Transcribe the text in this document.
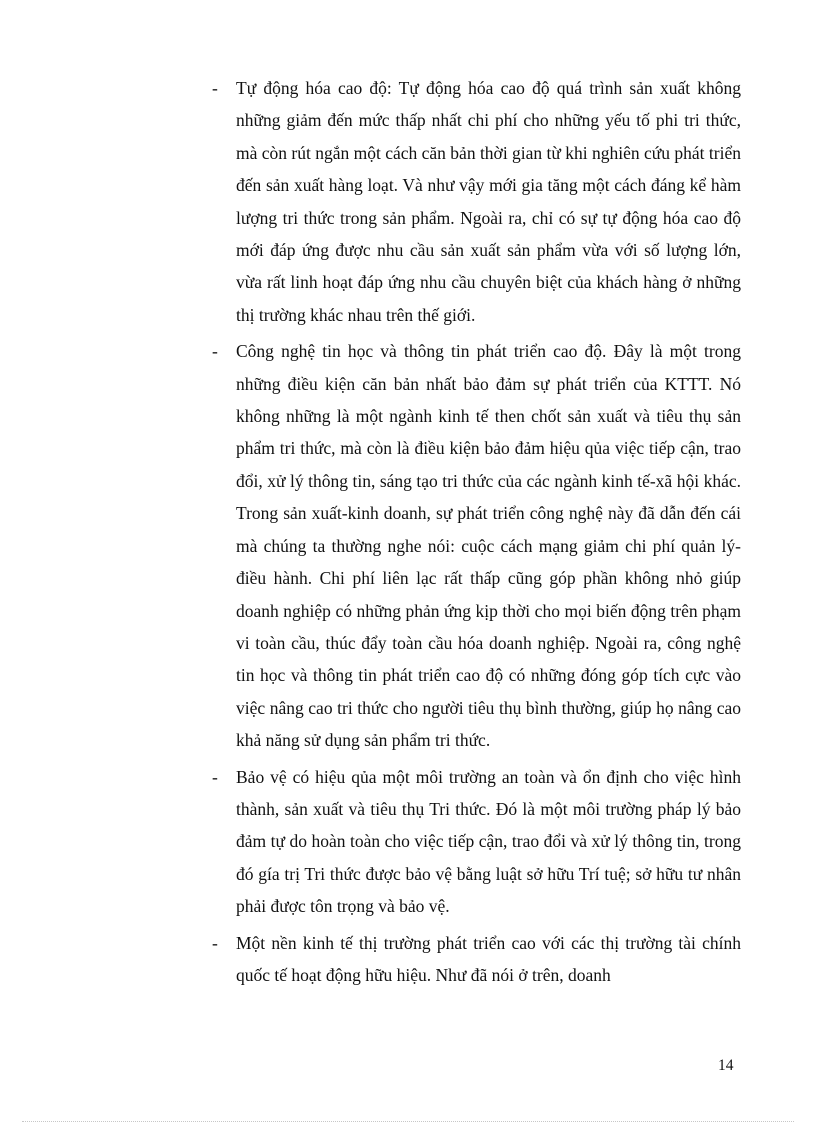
- Tự động hóa cao độ: Tự động hóa cao độ quá trình sản xuất không những giảm đến mức thấp nhất chi phí cho những yếu tố phi tri thức, mà còn rút ngắn một cách căn bản thời gian từ khi nghiên cứu phát triển đến sản xuất hàng loạt. Và như vậy mới gia tăng một cách đáng kể hàm lượng tri thức trong sản phẩm. Ngoài ra, chỉ có sự tự động hóa cao độ mới đáp ứng được nhu cầu sản xuất sản phẩm vừa với số lượng lớn, vừa rất linh hoạt đáp ứng nhu cầu chuyên biệt của khách hàng ở những thị trường khác nhau trên thế giới.
- Công nghệ tin học và thông tin phát triển cao độ. Đây là một trong những điều kiện căn bản nhất bảo đảm sự phát triển của KTTT. Nó không những là một ngành kinh tế then chốt sản xuất và tiêu thụ sản phẩm tri thức, mà còn là điều kiện bảo đảm hiệu qủa việc tiếp cận, trao đổi, xử lý thông tin, sáng tạo tri thức của các ngành kinh tế-xã hội khác. Trong sản xuất-kinh doanh, sự phát triển công nghệ này đã dẫn đến cái mà chúng ta thường nghe nói: cuộc cách mạng giảm chi phí quản lý-điều hành. Chi phí liên lạc rất thấp cũng góp phần không nhỏ giúp doanh nghiệp có những phản ứng kịp thời cho mọi biến động trên phạm vi toàn cầu, thúc đẩy toàn cầu hóa doanh nghiệp. Ngoài ra, công nghệ tin học và thông tin phát triển cao độ có những đóng góp tích cực vào việc nâng cao tri thức cho người tiêu thụ bình thường, giúp họ nâng cao khả năng sử dụng sản phẩm tri thức.
- Bảo vệ có hiệu qủa một môi trường an toàn và ổn định cho việc hình thành, sản xuất và tiêu thụ Tri thức. Đó là một môi trường pháp lý bảo đảm tự do hoàn toàn cho việc tiếp cận, trao đổi và xử lý thông tin, trong đó gía trị Tri thức được bảo vệ bằng luật sở hữu Trí tuệ; sở hữu tư nhân phải được tôn trọng và bảo vệ.
- Một nền kinh tế thị trường phát triển cao với các thị trường tài chính quốc tế hoạt động hữu hiệu. Như đã nói ở trên, doanh
14
